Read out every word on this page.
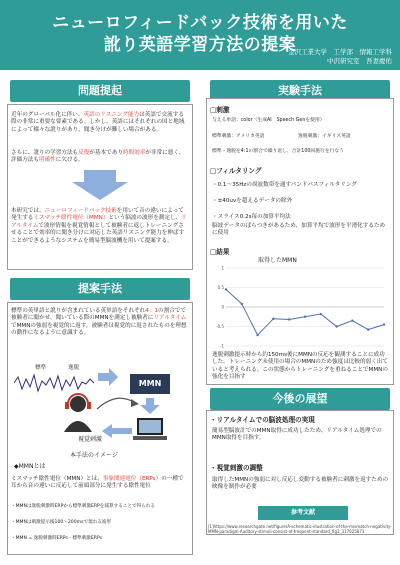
ニューロフィードバック技術を用いた
訛り英語学習方法の提案
金沢工業大学　工学部　情報工学科
中沢研究室　吾妻慶佑
問題提起
近年のグローバル化に伴い、英語のリスニング能力は英語で交流する際の非常に重要な要素である。しかし、英語にはそれぞれの国と地域によって様々な訛りがあり、聞き分けが難しい場合がある。
さらに、訛りの学習方法も反復が基本であり時間効率が非常に悪く、評価方法も明確性に欠ける。
本研究では、ニューロフィードバック技術を用いて音の違いによって発生するミスマッチ陰性電位（MMN）という脳波の波形を測定し、リアルタイムで波形情報を視覚情報として被験者に返しトレーニングさせることで効率的に聞き分けに対応した英語リスニング能力を伸ばすことができるようなシステムを簡易型脳波機を用いて提案する。
提案手法
標準の英単語と訛りが含まれている英単語をそれぞれ4：1の割合でで被験者に聞かせ、聞いている際のMMNを測定し被験者にリアルタイムでMMNの強弱を視覚的に返す。被験者は視覚的に返されたものを理想の動作になるように意識する。
標準	逸脱
MMN
視覚刺激
本手法のイメージ
◆MMNとは
ミスマッチ陰性電位（MMN）とは、事象関連電位（ERPs）の一種で耳から音の違いに反応して前頭部分に発生する陰性電位
・MMNは逸脱刺激時ERPから標準刺激ERPを減算することで得られる
・MMNは刺激提示後100〜200msで現れる波形
・MMN = 逸脱刺激時ERPs - 標準刺激ERPs
実験手法
□刺激
与える単語：color（生成AI　Speech Genを使用）
標準刺激：アメリカ英語	逸脱刺激：イギリス英語
標準・逸脱を4:1の割合で繰り返し、合計100回施行を行なう
□フィルタリング
・0.1〜35Hzの周波数帯を通すバンドパスフィルタリング
・±40uvを超えるデータの除外
・スライス0.2s毎の加算平均法
脳波データのばらつきがあるため、加算平均で波形を平滑化するために使用
□結果
取得したMMN
-1
-0.5
0
0.5
1
逸脱刺激提示時から約150ms後にMMNの反応を観測することに成功した。トレーニング未使用の場合のMMNのため強度は比較的弱く出ていると考えられる。この状態からトレーニングを重ねることでMMNの強化を目指す
今後の展望
・リアルタイムでの脳波処理の実現
簡易型脳波計でのMMN取得に成功したため、リアルタイム処理でのMMN取得を目指す。
・視覚刺激の調整
取得したMMNの強弱に対し反応し変動する被験者に刺激を返すための映像を制作が必要
参考文献
[1]https://www.researchgate.net/figure/A-schematic-illustration-of-the-mismatch-negativity-MMN-paradigm-Auditory-stimuli-consist-of-frequent-standard_fig1_317025873
